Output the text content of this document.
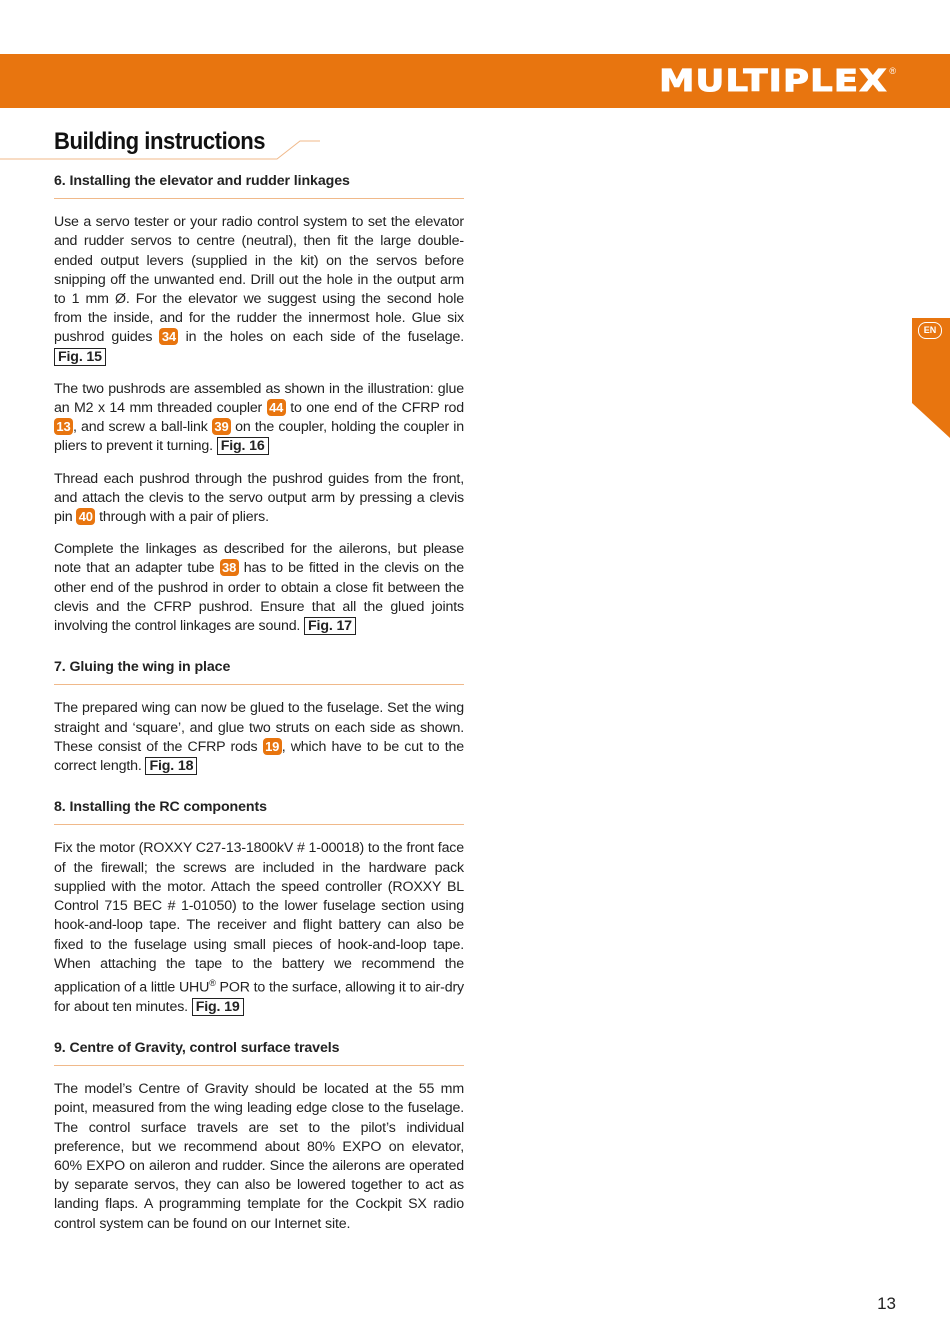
MULTIPLEX ®
Building instructions
EN
6. Installing the elevator and rudder linkages

Use a servo tester or your radio control system to set the elevator and rudder servos to centre (neutral), then fit the large double-ended output levers (supplied in the kit) on the servos before snipping off the unwanted end. Drill out the hole in the output arm to 1 mm Ø. For the elevator we suggest using the second hole from the inside, and for the rudder the innermost hole. Glue six pushrod guides 34 in the holes on each side of the fuselage. Fig. 15

The two pushrods are assembled as shown in the illustration: glue an M2 x 14 mm threaded coupler 44 to one end of the CFRP rod 13 , and screw a ball-link 39 on the coupler, holding the coupler in pliers to prevent it turning. Fig. 16

Thread each pushrod through the pushrod guides from the front, and attach the clevis to the servo output arm by pressing a clevis pin 40 through with a pair of pliers.

Complete the linkages as described for the ailerons, but please note that an adapter tube 38 has to be fitted in the clevis on the other end of the pushrod in order to obtain a close fit between the clevis and the CFRP pushrod. Ensure that all the glued joints involving the control linkages are sound. Fig. 17

7. Gluing the wing in place

The prepared wing can now be glued to the fuselage. Set the wing straight and ‘square’, and glue two struts on each side as shown. These consist of the CFRP rods 19 , which have to be cut to the correct length. Fig. 18

8. Installing the RC components

Fix the motor (ROXXY C27-13-1800kV # 1-00018) to the front face of the firewall; the screws are included in the hardware pack supplied with the motor. Attach the speed controller (ROXXY BL Control 715 BEC # 1-01050) to the lower fuselage section using hook-and-loop tape. The receiver and flight battery can also be fixed to the fuselage using small pieces of hook-and-loop tape. When attaching the tape to the battery we recommend the application of a little UHU® POR to the surface, allowing it to air-dry for about ten minutes. Fig. 19

9. Centre of Gravity, control surface travels

The model’s Centre of Gravity should be located at the 55 mm point, measured from the wing leading edge close to the fuselage. The control surface travels are set to the pilot’s individual preference, but we recommend about 80% EXPO on elevator, 60% EXPO on aileron and rudder. Since the ailerons are operated by separate servos, they can also be lowered together to act as landing flaps. A programming template for the Cockpit SX radio control system can be found on our Internet site.

13
